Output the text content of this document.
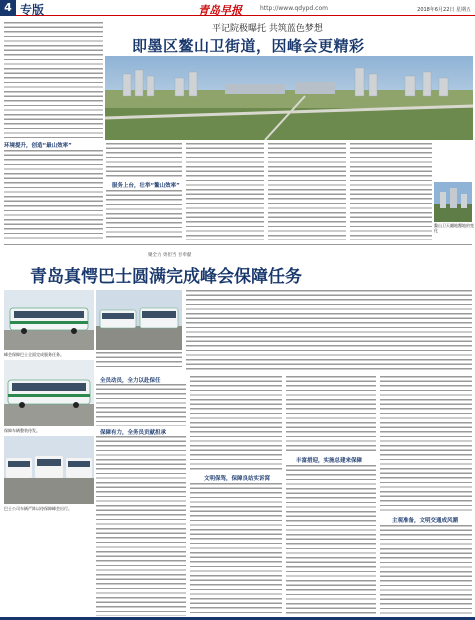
4 专版	青岛早报	http://www.qdypd.com	2018年6月22日 星期五
平记院极曝托 共筑蓝色梦想
即墨区鳌山卫街道，因峰会更精彩
环境提升，创造“最山效率”
服务上台，壮举“鳌山效率”
鳌山卫天翻地覆地的变化
聚全力 勇担当 甘奉献
青岛真愕巴士圆满完成峰会保障任务
峰会保障巴士全面完成服务任务。
保障车辆整装待发。
巴士公司车辆严阵以待保障峰会出行。
全员动员，全力以赴保任
保障有力，全务员贡献担承
文明保驾，保障良站实诉窝
丰富措迎，实施总建来保障
主观准备，文明交通成风潮
